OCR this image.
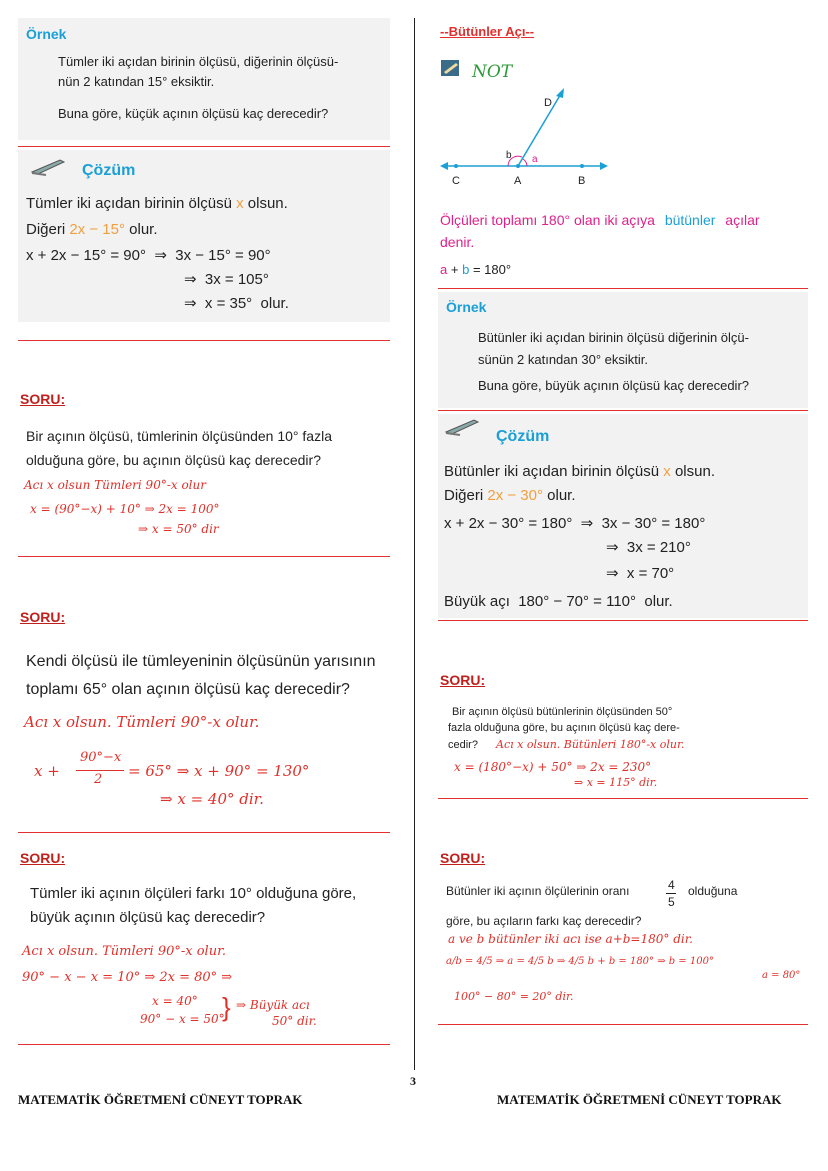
Örnek
Tümler iki açıdan birinin ölçüsü, diğerinin ölçüsü-
nün 2 katından 15° eksiktir.
Buna göre, küçük açının ölçüsü kaç derecedir?
Çözüm
Tümler iki açıdan birinin ölçüsü x olsun.
Diğeri 2x − 15° olur.
x + 2x − 15° = 90°  ⇒  3x − 15° = 90°
⇒  3x = 105°
⇒  x = 35°  olur.
SORU:
Bir açının ölçüsü, tümlerinin ölçüsünden 10° fazla
olduğuna göre, bu açının ölçüsü kaç derecedir?
Acı x olsun Tümleri 90°-x olur
x = (90°−x) + 10° ⇒ 2x = 100°
⇒ x = 50° dir
SORU:
Kendi ölçüsü ile tümleyeninin ölçüsünün yarısının
toplamı 65° olan açının ölçüsü kaç derecedir?
Acı x olsun. Tümleri 90°-x olur.
x +
90°−x
2 = 65° ⇒ x + 90° = 130°
⇒ x = 40° dir.
SORU:
Tümler iki açının ölçüleri farkı 10° olduğuna göre,
büyük açının ölçüsü kaç derecedir?
Acı x olsun. Tümleri 90°-x olur.
90° − x − x = 10° ⇒ 2x = 80° ⇒
x = 40°
90° − x = 50°
} ⇒ Büyük acı
50° dir.
--Bütünler Açı--
NOT
D
b a
C	A	B
Ölçüleri toplamı 180° olan iki açıya bütünler açılar
denir.
a + b = 180°
Örnek
Bütünler iki açıdan birinin ölçüsü diğerinin ölçü-
sünün 2 katından 30° eksiktir.
Buna göre, büyük açının ölçüsü kaç derecedir?
Çözüm
Bütünler iki açıdan birinin ölçüsü x olsun.
Diğeri 2x − 30° olur.
x + 2x − 30° = 180°  ⇒  3x − 30° = 180°
⇒  3x = 210°
⇒  x = 70°
Büyük açı  180° − 70° = 110°  olur.
SORU:
Bir açının ölçüsü bütünlerinin ölçüsünden 50°
fazla olduğuna göre, bu açının ölçüsü kaç dere-
cedir? Acı x olsun. Bütünleri 180°-x olur.
x = (180°−x) + 50° ⇒ 2x = 230°
⇒ x = 115° dir.
SORU:
Bütünler iki açının ölçülerinin oranı	4
5
olduğuna
göre, bu açıların farkı kaç derecedir?
a ve b bütünler iki acı ise a+b=180° dir.
a/b = 4/5 ⇒ a = 4/5 b ⇒ 4/5 b + b = 180° ⇒ b = 100°
a = 80°
100° − 80° = 20° dir.
3
MATEMATİK ÖĞRETMENİ CÜNEYT TOPRAK	MATEMATİK ÖĞRETMENİ CÜNEYT TOPRAK
